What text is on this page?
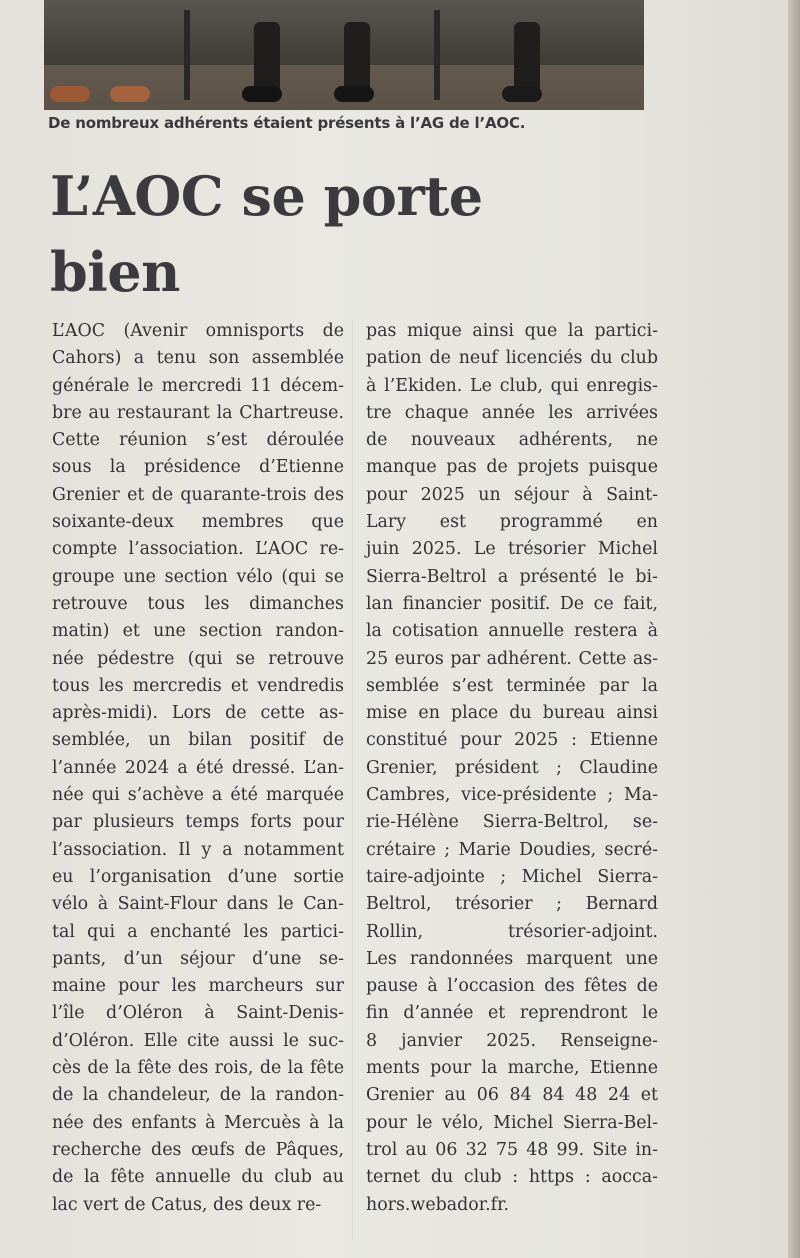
De nombreux adhérents étaient présents à l’AG de l’AOC.
L’AOC se porte
bien
L’AOC (Avenir omnisports de
Cahors) a tenu son assemblée
générale le mercredi 11 décem-
bre au restaurant la Chartreuse.
Cette réunion s’est déroulée
sous la présidence d’Etienne
Grenier et de quarante-trois des
soixante-deux membres que
compte l’association. L’AOC re-
groupe une section vélo (qui se
retrouve tous les dimanches
matin) et une section randon-
née pédestre (qui se retrouve
tous les mercredis et vendredis
après-midi). Lors de cette as-
semblée, un bilan positif de
l’année 2024 a été dressé. L’an-
née qui s’achève a été marquée
par plusieurs temps forts pour
l’association. Il y a notamment
eu l’organisation d’une sortie
vélo à Saint-Flour dans le Can-
tal qui a enchanté les partici-
pants, d’un séjour d’une se-
maine pour les marcheurs sur
l’île d’Oléron à Saint-Denis-
d’Oléron. Elle cite aussi le suc-
cès de la fête des rois, de la fête
de la chandeleur, de la randon-
née des enfants à Mercuès à la
recherche des œufs de Pâques,
de la fête annuelle du club au
lac vert de Catus, des deux re-
pas mique ainsi que la partici-
pation de neuf licenciés du club
à l’Ekiden. Le club, qui enregis-
tre chaque année les arrivées
de nouveaux adhérents, ne
manque pas de projets puisque
pour 2025 un séjour à Saint-
Lary est programmé en
juin 2025. Le trésorier Michel
Sierra-Beltrol a présenté le bi-
lan financier positif. De ce fait,
la cotisation annuelle restera à
25 euros par adhérent. Cette as-
semblée s’est terminée par la
mise en place du bureau ainsi
constitué pour 2025 : Etienne
Grenier, président ; Claudine
Cambres, vice-présidente ; Ma-
rie-Hélène Sierra-Beltrol, se-
crétaire ; Marie Doudies, secré-
taire-adjointe ; Michel Sierra-
Beltrol, trésorier ; Bernard
Rollin, trésorier-adjoint.
Les randonnées marquent une
pause à l’occasion des fêtes de
fin d’année et reprendront le
8 janvier 2025. Renseigne-
ments pour la marche, Etienne
Grenier au 06 84 84 48 24 et
pour le vélo, Michel Sierra-Bel-
trol au 06 32 75 48 99. Site in-
ternet du club : https : aocca-
hors.webador.fr.
